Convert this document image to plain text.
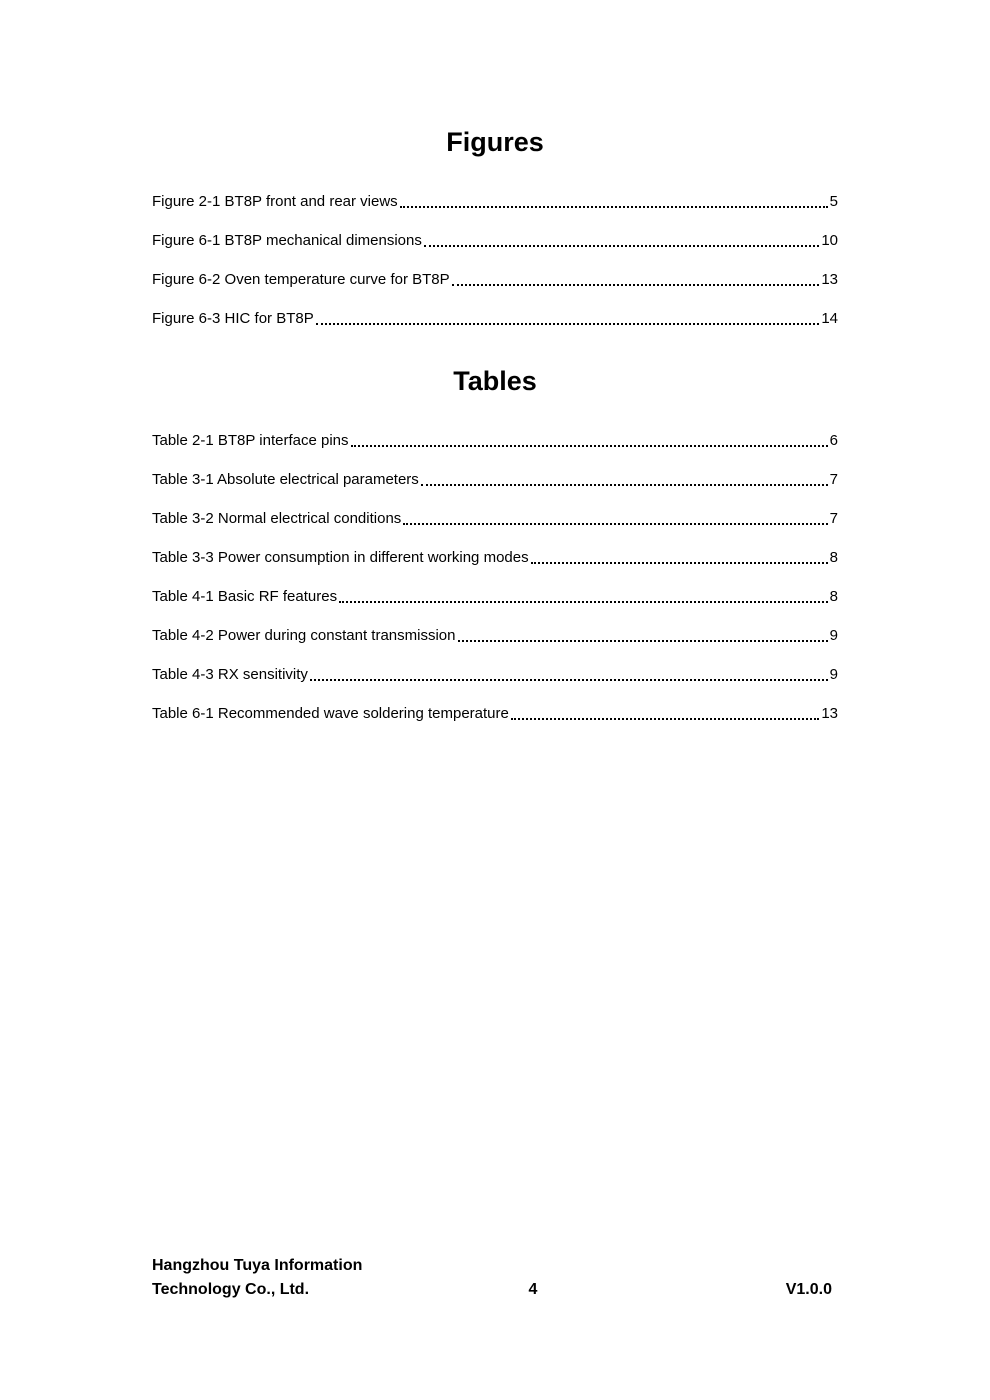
Figures
Figure 2-1 BT8P front and rear views	5
Figure 6-1 BT8P mechanical dimensions	10
Figure 6-2 Oven temperature curve for BT8P	13
Figure 6-3 HIC for BT8P	14
Tables
Table 2-1 BT8P interface pins	6
Table 3-1 Absolute electrical parameters	7
Table 3-2 Normal electrical conditions	7
Table 3-3 Power consumption in different working modes	8
Table 4-1 Basic RF features	8
Table 4-2 Power during constant transmission	9
Table 4-3 RX sensitivity	9
Table 6-1 Recommended wave soldering temperature	13
Hangzhou Tuya Information
Technology Co., Ltd.	4	V1.0.0
